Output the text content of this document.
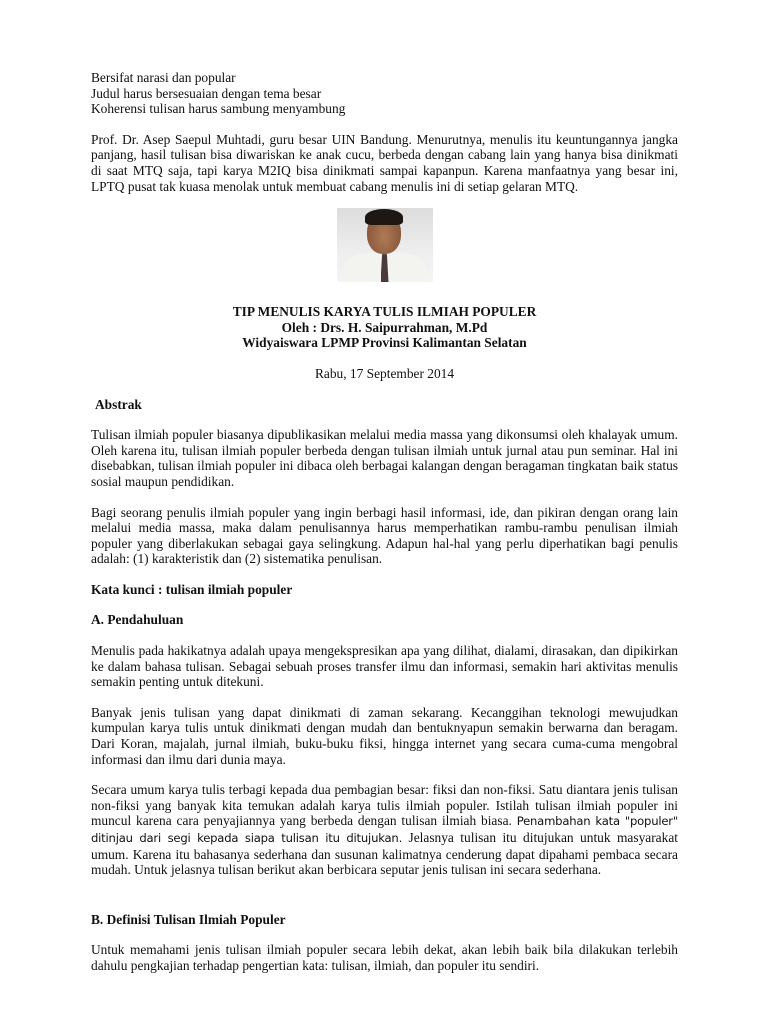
Bersifat narasi dan popular

Judul harus bersesuaian dengan tema besar

Koherensi tulisan harus sambung menyambung

Prof. Dr. Asep Saepul Muhtadi, guru besar UIN Bandung. Menurutnya, menulis itu keuntungannya jangka panjang, hasil tulisan bisa diwariskan ke anak cucu, berbeda dengan cabang lain yang hanya bisa dinikmati di saat MTQ saja, tapi karya M2IQ bisa dinikmati sampai kapanpun. Karena manfaatnya yang besar ini, LPTQ pusat tak kuasa menolak untuk membuat cabang menulis ini di setiap gelaran MTQ.

TIP MENULIS KARYA TULIS ILMIAH POPULER

Oleh : Drs. H. Saipurrahman, M.Pd

Widyaiswara LPMP Provinsi Kalimantan Selatan

Rabu, 17 September 2014

Abstrak

Tulisan ilmiah populer biasanya dipublikasikan melalui media massa yang dikonsumsi oleh khalayak umum. Oleh karena itu, tulisan ilmiah populer berbeda dengan tulisan ilmiah untuk jurnal atau pun seminar. Hal ini disebabkan, tulisan ilmiah populer ini dibaca oleh berbagai kalangan dengan beragaman tingkatan baik status sosial maupun pendidikan.

Bagi seorang penulis ilmiah populer yang ingin berbagi hasil informasi, ide, dan pikiran dengan orang lain melalui media massa, maka dalam penulisannya harus memperhatikan rambu-rambu penulisan ilmiah populer yang diberlakukan sebagai gaya selingkung. Adapun hal-hal yang perlu diperhatikan bagi penulis adalah: (1) karakteristik dan (2) sistematika penulisan.

Kata kunci : tulisan ilmiah populer

A. Pendahuluan

Menulis pada hakikatnya adalah upaya mengekspresikan apa yang dilihat, dialami, dirasakan, dan dipikirkan ke dalam bahasa tulisan. Sebagai sebuah proses transfer ilmu dan informasi, semakin hari aktivitas menulis semakin penting untuk ditekuni.

Banyak jenis tulisan yang dapat dinikmati di zaman sekarang. Kecanggihan teknologi mewujudkan kumpulan karya tulis untuk dinikmati dengan mudah dan bentuknyapun semakin berwarna dan beragam. Dari Koran, majalah, jurnal ilmiah, buku-buku fiksi, hingga internet yang secara cuma-cuma mengobral informasi dan ilmu dari dunia maya.

Secara umum karya tulis terbagi kepada dua pembagian besar: fiksi dan non-fiksi. Satu diantara jenis tulisan non-fiksi yang banyak kita temukan adalah karya tulis ilmiah populer. Istilah tulisan ilmiah populer ini muncul karena cara penyajiannya yang berbeda dengan tulisan ilmiah biasa. Penambahan kata "populer" ditinjau dari segi kepada siapa tulisan itu ditujukan. Jelasnya tulisan itu ditujukan untuk masyarakat umum. Karena itu bahasanya sederhana dan susunan kalimatnya cenderung dapat dipahami pembaca secara mudah. Untuk jelasnya tulisan berikut akan berbicara seputar jenis tulisan ini secara sederhana.

B. Definisi Tulisan Ilmiah Populer

Untuk memahami jenis tulisan ilmiah populer secara lebih dekat, akan lebih baik bila dilakukan terlebih dahulu pengkajian terhadap pengertian kata: tulisan, ilmiah, dan populer itu sendiri.
